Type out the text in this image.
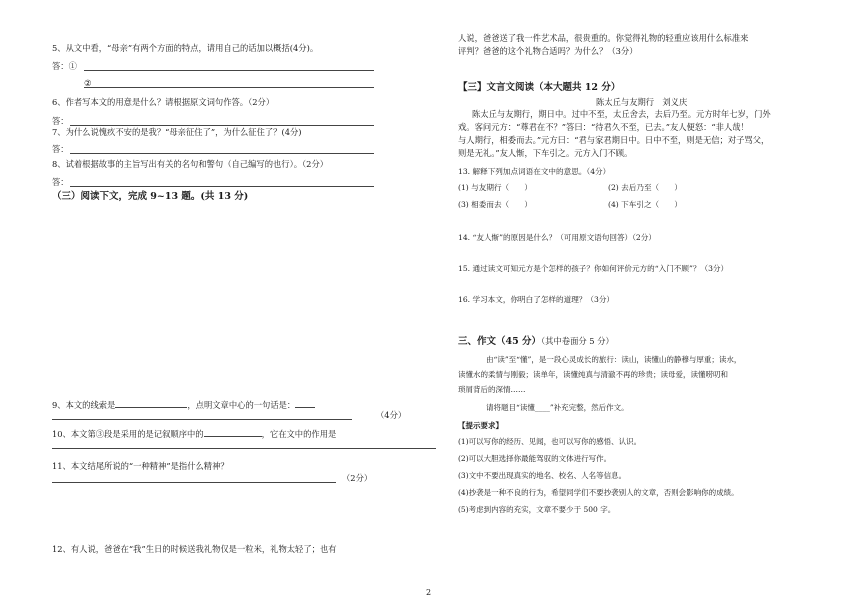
5、从文中看，“母亲”有两个方面的特点，请用自己的话加以概括(4分)。
答：①
②
6、作者写本文的用意是什么？请根据原文词句作答。（2分）
答：
7、为什么说愧疚不安的是我？“母亲征住了”，为什么征住了？(4分)
答：
8、试着根据故事的主旨写出有关的名句和警句（自己编写的也行）。（2分）
答：
（三）阅读下文，完成 9~13 题。(共 13 分)
9、本文的线索是	，点明文章中心的一句话是：
（4分）
10、本文第③段是采用的是记叙顺序中的	，它在文中的作用是
11、本文结尾所说的“一种精神”是指什么精神？
（2分）
12、有人说，爸爸在“我”生日的时候送我礼物仅是一粒米，礼物太轻了；也有
人说，爸爸送了我一件艺术品，很贵重的。你觉得礼物的轻重应该用什么标准来
评判？爸爸的这个礼物合适吗？为什么？（3分）
【三】文言文阅读（本大题共 12 分）
陈太丘与友期行　刘义庆
陈太丘与友期行，期日中。过中不至，太丘舍去，去后乃至。元方时年七岁，门外
戏。客问元方：“尊君在不？”答曰：“待君久不至，已去。”友人便怒：“非人哉！
与人期行，相委而去。”元方曰：“君与家君期日中。日中不至，则是无信；对子骂父，
则是无礼。”友人惭，下车引之。元方入门不顾。
13. 解释下列加点词语在文中的意思。（4分）
(1) 与友期行（　　）	(2) 去后乃至（　　）
(3) 相委而去（　　）	(4) 下车引之（　　）
14. “友人惭”的原因是什么？（可用原文语句回答）（2分）
15. 通过读文可知元方是个怎样的孩子？你如何评价元方的“入门不顾”？（3分）
16. 学习本文，你明白了怎样的道理？（3分）
三、作文（45 分）（其中卷面分 5 分）
由“读”至“懂”，是一段心灵成长的旅行：读山，读懂山的静穆与厚重；读水，
读懂水的柔情与刚毅；读单年，读懂纯真与清澈不再的珍贵；读母爱，读懂唠叨和
琐屑背后的深情……
请将题目“读懂____”补充完整，然后作文。
【提示要求】
(1)可以写你的经历、见闻，也可以写你的感悟、认识。
(2)可以大胆选择你最能驾驭的文体进行写作。
(3)文中不要出现真实的地名、校名、人名等信息。
(4)抄袭是一种不良的行为，希望同学们不要抄袭别人的文章，否则会影响你的成绩。
(5)考虑到内容的充实，文章不要少于 500 字。
2
